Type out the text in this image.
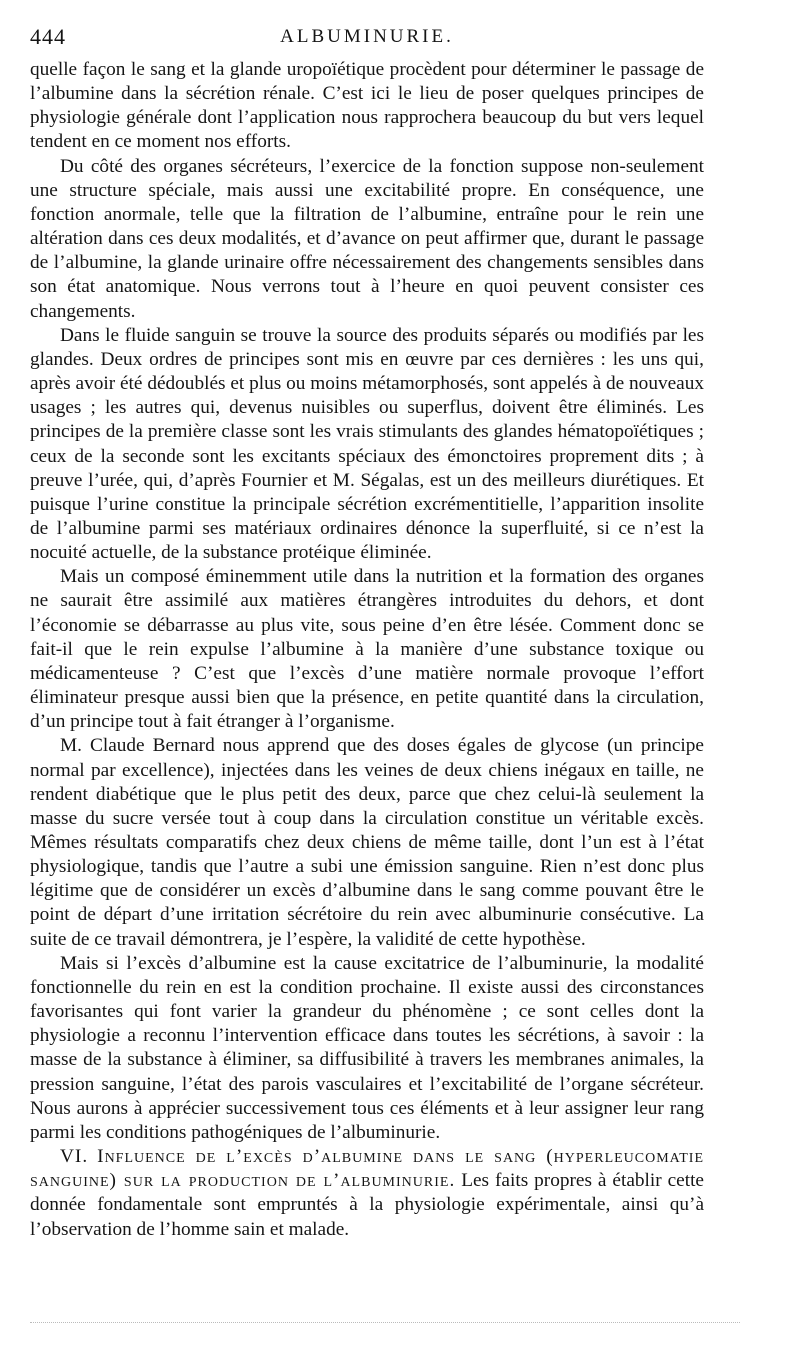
444	ALBUMINURIE.

quelle façon le sang et la glande uropoïétique procèdent pour déterminer le passage de l’albumine dans la sécrétion rénale. C’est ici le lieu de poser quelques principes de physiologie générale dont l’application nous rapprochera beaucoup du but vers lequel tendent en ce moment nos efforts.

Du côté des organes sécréteurs, l’exercice de la fonction suppose non-seulement une structure spéciale, mais aussi une excitabilité propre. En conséquence, une fonction anormale, telle que la filtration de l’albumine, entraîne pour le rein une altération dans ces deux modalités, et d’avance on peut affirmer que, durant le passage de l’albumine, la glande urinaire offre nécessairement des changements sensibles dans son état anatomique. Nous verrons tout à l’heure en quoi peuvent consister ces changements.

Dans le fluide sanguin se trouve la source des produits séparés ou modifiés par les glandes. Deux ordres de principes sont mis en œuvre par ces dernières : les uns qui, après avoir été dédoublés et plus ou moins métamorphosés, sont appelés à de nouveaux usages ; les autres qui, devenus nuisibles ou superflus, doivent être éliminés. Les principes de la première classe sont les vrais stimulants des glandes hématopoïétiques ; ceux de la seconde sont les excitants spéciaux des émonctoires proprement dits ; à preuve l’urée, qui, d’après Fournier et M. Ségalas, est un des meilleurs diurétiques. Et puisque l’urine constitue la principale sécrétion excrémentitielle, l’apparition insolite de l’albumine parmi ses matériaux ordinaires dénonce la superfluité, si ce n’est la nocuité actuelle, de la substance protéique éliminée.

Mais un composé éminemment utile dans la nutrition et la formation des organes ne saurait être assimilé aux matières étrangères introduites du dehors, et dont l’économie se débarrasse au plus vite, sous peine d’en être lésée. Comment donc se fait-il que le rein expulse l’albumine à la manière d’une substance toxique ou médicamenteuse ? C’est que l’excès d’une matière normale provoque l’effort éliminateur presque aussi bien que la présence, en petite quantité dans la circulation, d’un principe tout à fait étranger à l’organisme.

M. Claude Bernard nous apprend que des doses égales de glycose (un principe normal par excellence), injectées dans les veines de deux chiens inégaux en taille, ne rendent diabétique que le plus petit des deux, parce que chez celui-là seulement la masse du sucre versée tout à coup dans la circulation constitue un véritable excès. Mêmes résultats comparatifs chez deux chiens de même taille, dont l’un est à l’état physiologique, tandis que l’autre a subi une émission sanguine. Rien n’est donc plus légitime que de considérer un excès d’albumine dans le sang comme pouvant être le point de départ d’une irritation sécrétoire du rein avec albuminurie consécutive. La suite de ce travail démontrera, je l’espère, la validité de cette hypothèse.

Mais si l’excès d’albumine est la cause excitatrice de l’albuminurie, la modalité fonctionnelle du rein en est la condition prochaine. Il existe aussi des circonstances favorisantes qui font varier la grandeur du phénomène ; ce sont celles dont la physiologie a reconnu l’intervention efficace dans toutes les sécrétions, à savoir : la masse de la substance à éliminer, sa diffusibilité à travers les membranes animales, la pression sanguine, l’état des parois vasculaires et l’excitabilité de l’organe sécréteur. Nous aurons à apprécier successivement tous ces éléments et à leur assigner leur rang parmi les conditions pathogéniques de l’albuminurie.

VI. Influence de l’excès d’albumine dans le sang (hyperleucomatie sanguine) sur la production de l’albuminurie. Les faits propres à établir cette donnée fondamentale sont empruntés à la physiologie expérimentale, ainsi qu’à l’observation de l’homme sain et malade.
